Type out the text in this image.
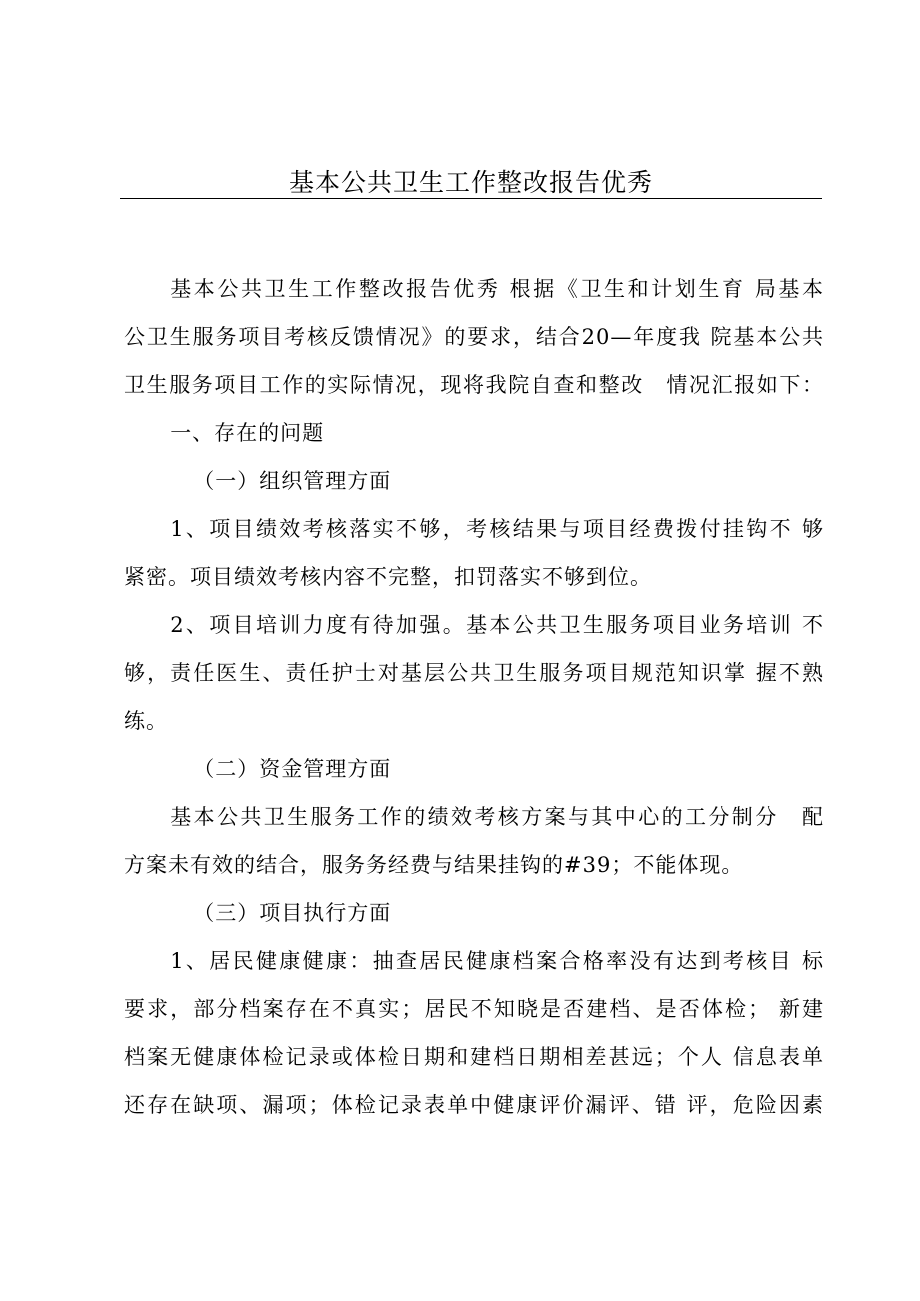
基本公共卫生工作整改报告优秀
基本公共卫生工作整改报告优秀 根据《卫生和计划生育 局基本
公卫生服务项目考核反馈情况》的要求，结合20—年度我 院基本公共
卫生服务项目工作的实际情况，现将我院自查和整改　情况汇报如下：
一、存在的问题
（一）组织管理方面
1、项目绩效考核落实不够，考核结果与项目经费拨付挂钩不 够
紧密。项目绩效考核内容不完整，扣罚落实不够到位。
2、项目培训力度有待加强。基本公共卫生服务项目业务培训 不
够，责任医生、责任护士对基层公共卫生服务项目规范知识掌 握不熟
练。
（二）资金管理方面
基本公共卫生服务工作的绩效考核方案与其中心的工分制分　配
方案未有效的结合，服务务经费与结果挂钩的#39；不能体现。
（三）项目执行方面
1、居民健康健康：抽查居民健康档案合格率没有达到考核目 标
要求，部分档案存在不真实；居民不知晓是否建档、是否体检； 新建
档案无健康体检记录或体检日期和建档日期相差甚远；个人 信息表单
还存在缺项、漏项；体检记录表单中健康评价漏评、错 评，危险因素
